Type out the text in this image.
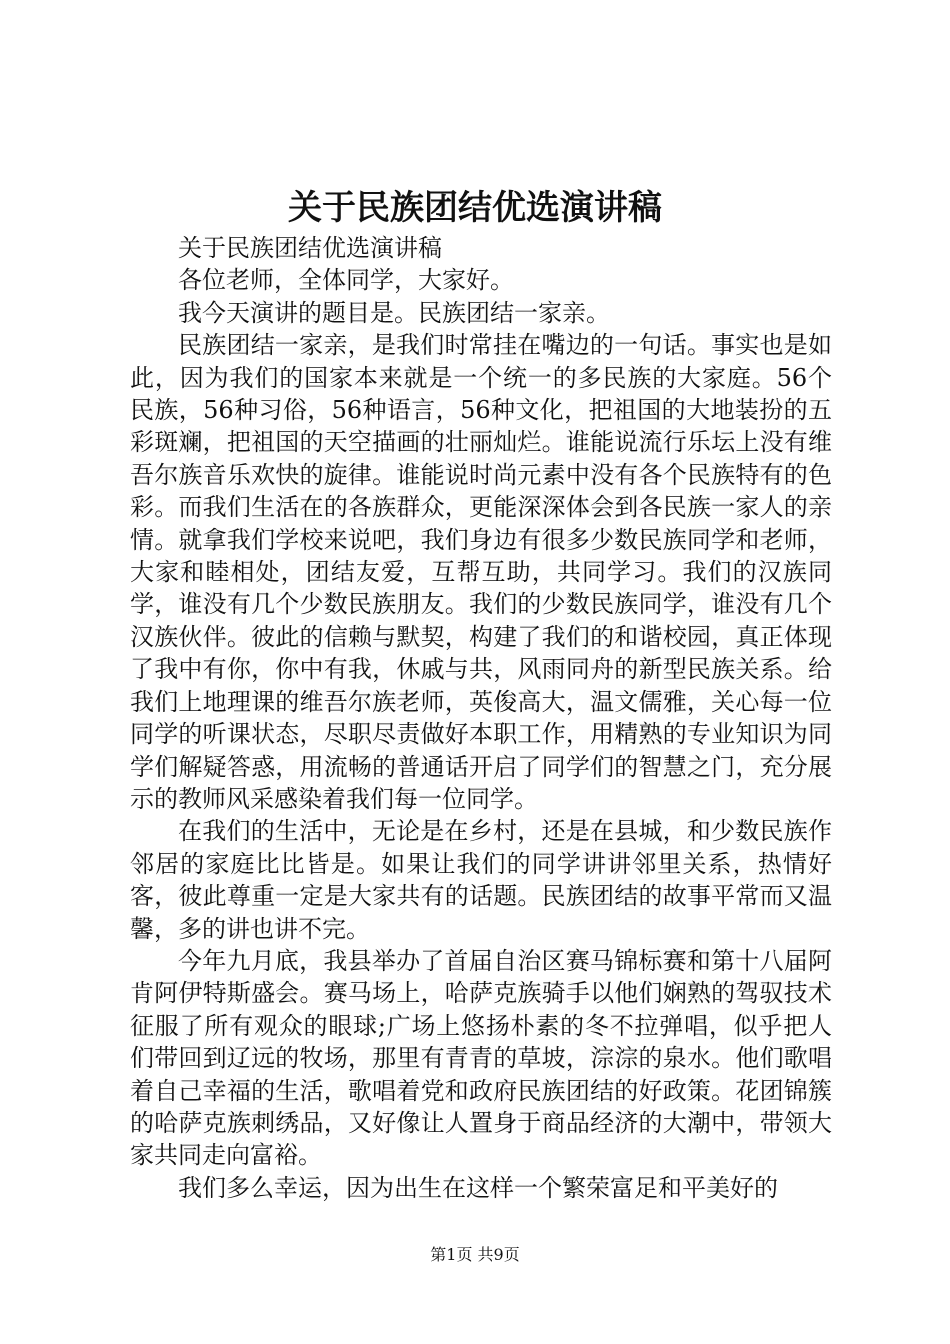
关于民族团结优选演讲稿

关于民族团结优选演讲稿

各位老师，全体同学，大家好。

我今天演讲的题目是。民族团结一家亲。

民族团结一家亲，是我们时常挂在嘴边的一句话。事实也是如此，因为我们的国家本来就是一个统一的多民族的大家庭。56个民族，56种习俗，56种语言，56种文化，把祖国的大地装扮的五彩斑斓，把祖国的天空描画的壮丽灿烂。谁能说流行乐坛上没有维吾尔族音乐欢快的旋律。谁能说时尚元素中没有各个民族特有的色彩。而我们生活在的各族群众，更能深深体会到各民族一家人的亲情。就拿我们学校来说吧，我们身边有很多少数民族同学和老师，大家和睦相处，团结友爱，互帮互助，共同学习。我们的汉族同学，谁没有几个少数民族朋友。我们的少数民族同学，谁没有几个汉族伙伴。彼此的信赖与默契，构建了我们的和谐校园，真正体现了我中有你，你中有我，休戚与共，风雨同舟的新型民族关系。给我们上地理课的维吾尔族老师，英俊高大，温文儒雅，关心每一位同学的听课状态，尽职尽责做好本职工作，用精熟的专业知识为同学们解疑答惑，用流畅的普通话开启了同学们的智慧之门，充分展示的教师风采感染着我们每一位同学。

在我们的生活中，无论是在乡村，还是在县城，和少数民族作邻居的家庭比比皆是。如果让我们的同学讲讲邻里关系，热情好客，彼此尊重一定是大家共有的话题。民族团结的故事平常而又温馨，多的讲也讲不完。

今年九月底，我县举办了首届自治区赛马锦标赛和第十八届阿肯阿伊特斯盛会。赛马场上，哈萨克族骑手以他们娴熟的驾驭技术征服了所有观众的眼球;广场上悠扬朴素的冬不拉弹唱，似乎把人们带回到辽远的牧场，那里有青青的草坡，淙淙的泉水。他们歌唱着自己幸福的生活，歌唱着党和政府民族团结的好政策。花团锦簇的哈萨克族刺绣品，又好像让人置身于商品经济的大潮中，带领大家共同走向富裕。

我们多么幸运，因为出生在这样一个繁荣富足和平美好的

第1页 共9页
